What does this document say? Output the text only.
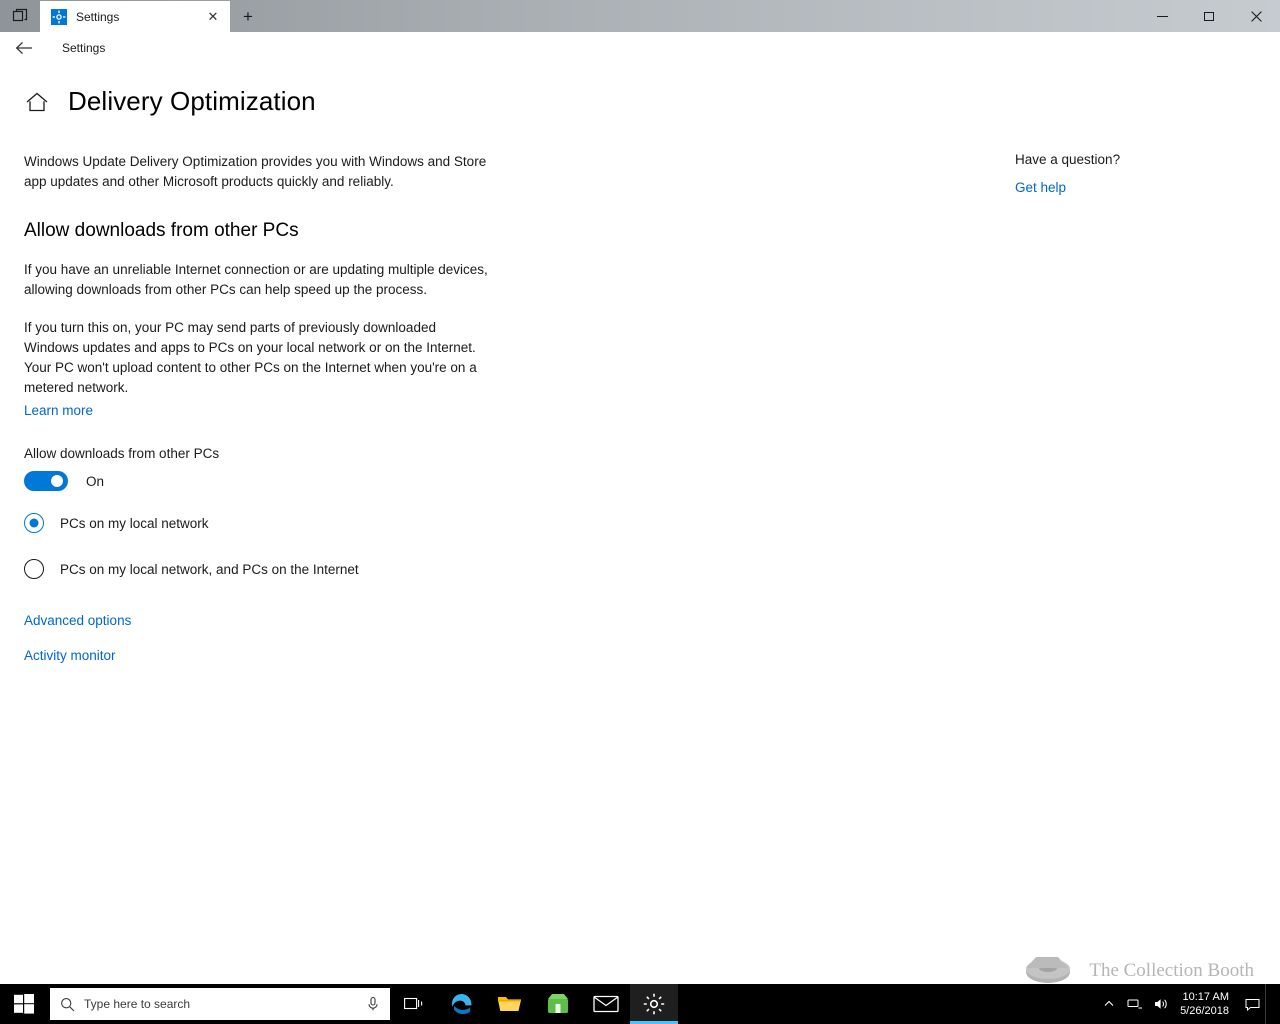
Settings	✕	+
Settings
Delivery Optimization

Windows Update Delivery Optimization provides you with Windows and Store app updates and other Microsoft products quickly and reliably.

Allow downloads from other PCs

If you have an unreliable Internet connection or are updating multiple devices, allowing downloads from other PCs can help speed up the process.

If you turn this on, your PC may send parts of previously downloaded Windows updates and apps to PCs on your local network or on the Internet. Your PC won't upload content to other PCs on the Internet when you're on a metered network.

Learn more
Allow downloads from other PCs
On
PCs on my local network
PCs on my local network, and PCs on the Internet
Advanced options
Activity monitor
Have a question?
Get help
The Collection Booth
Type here to search	10:17 AM
5/26/2018
